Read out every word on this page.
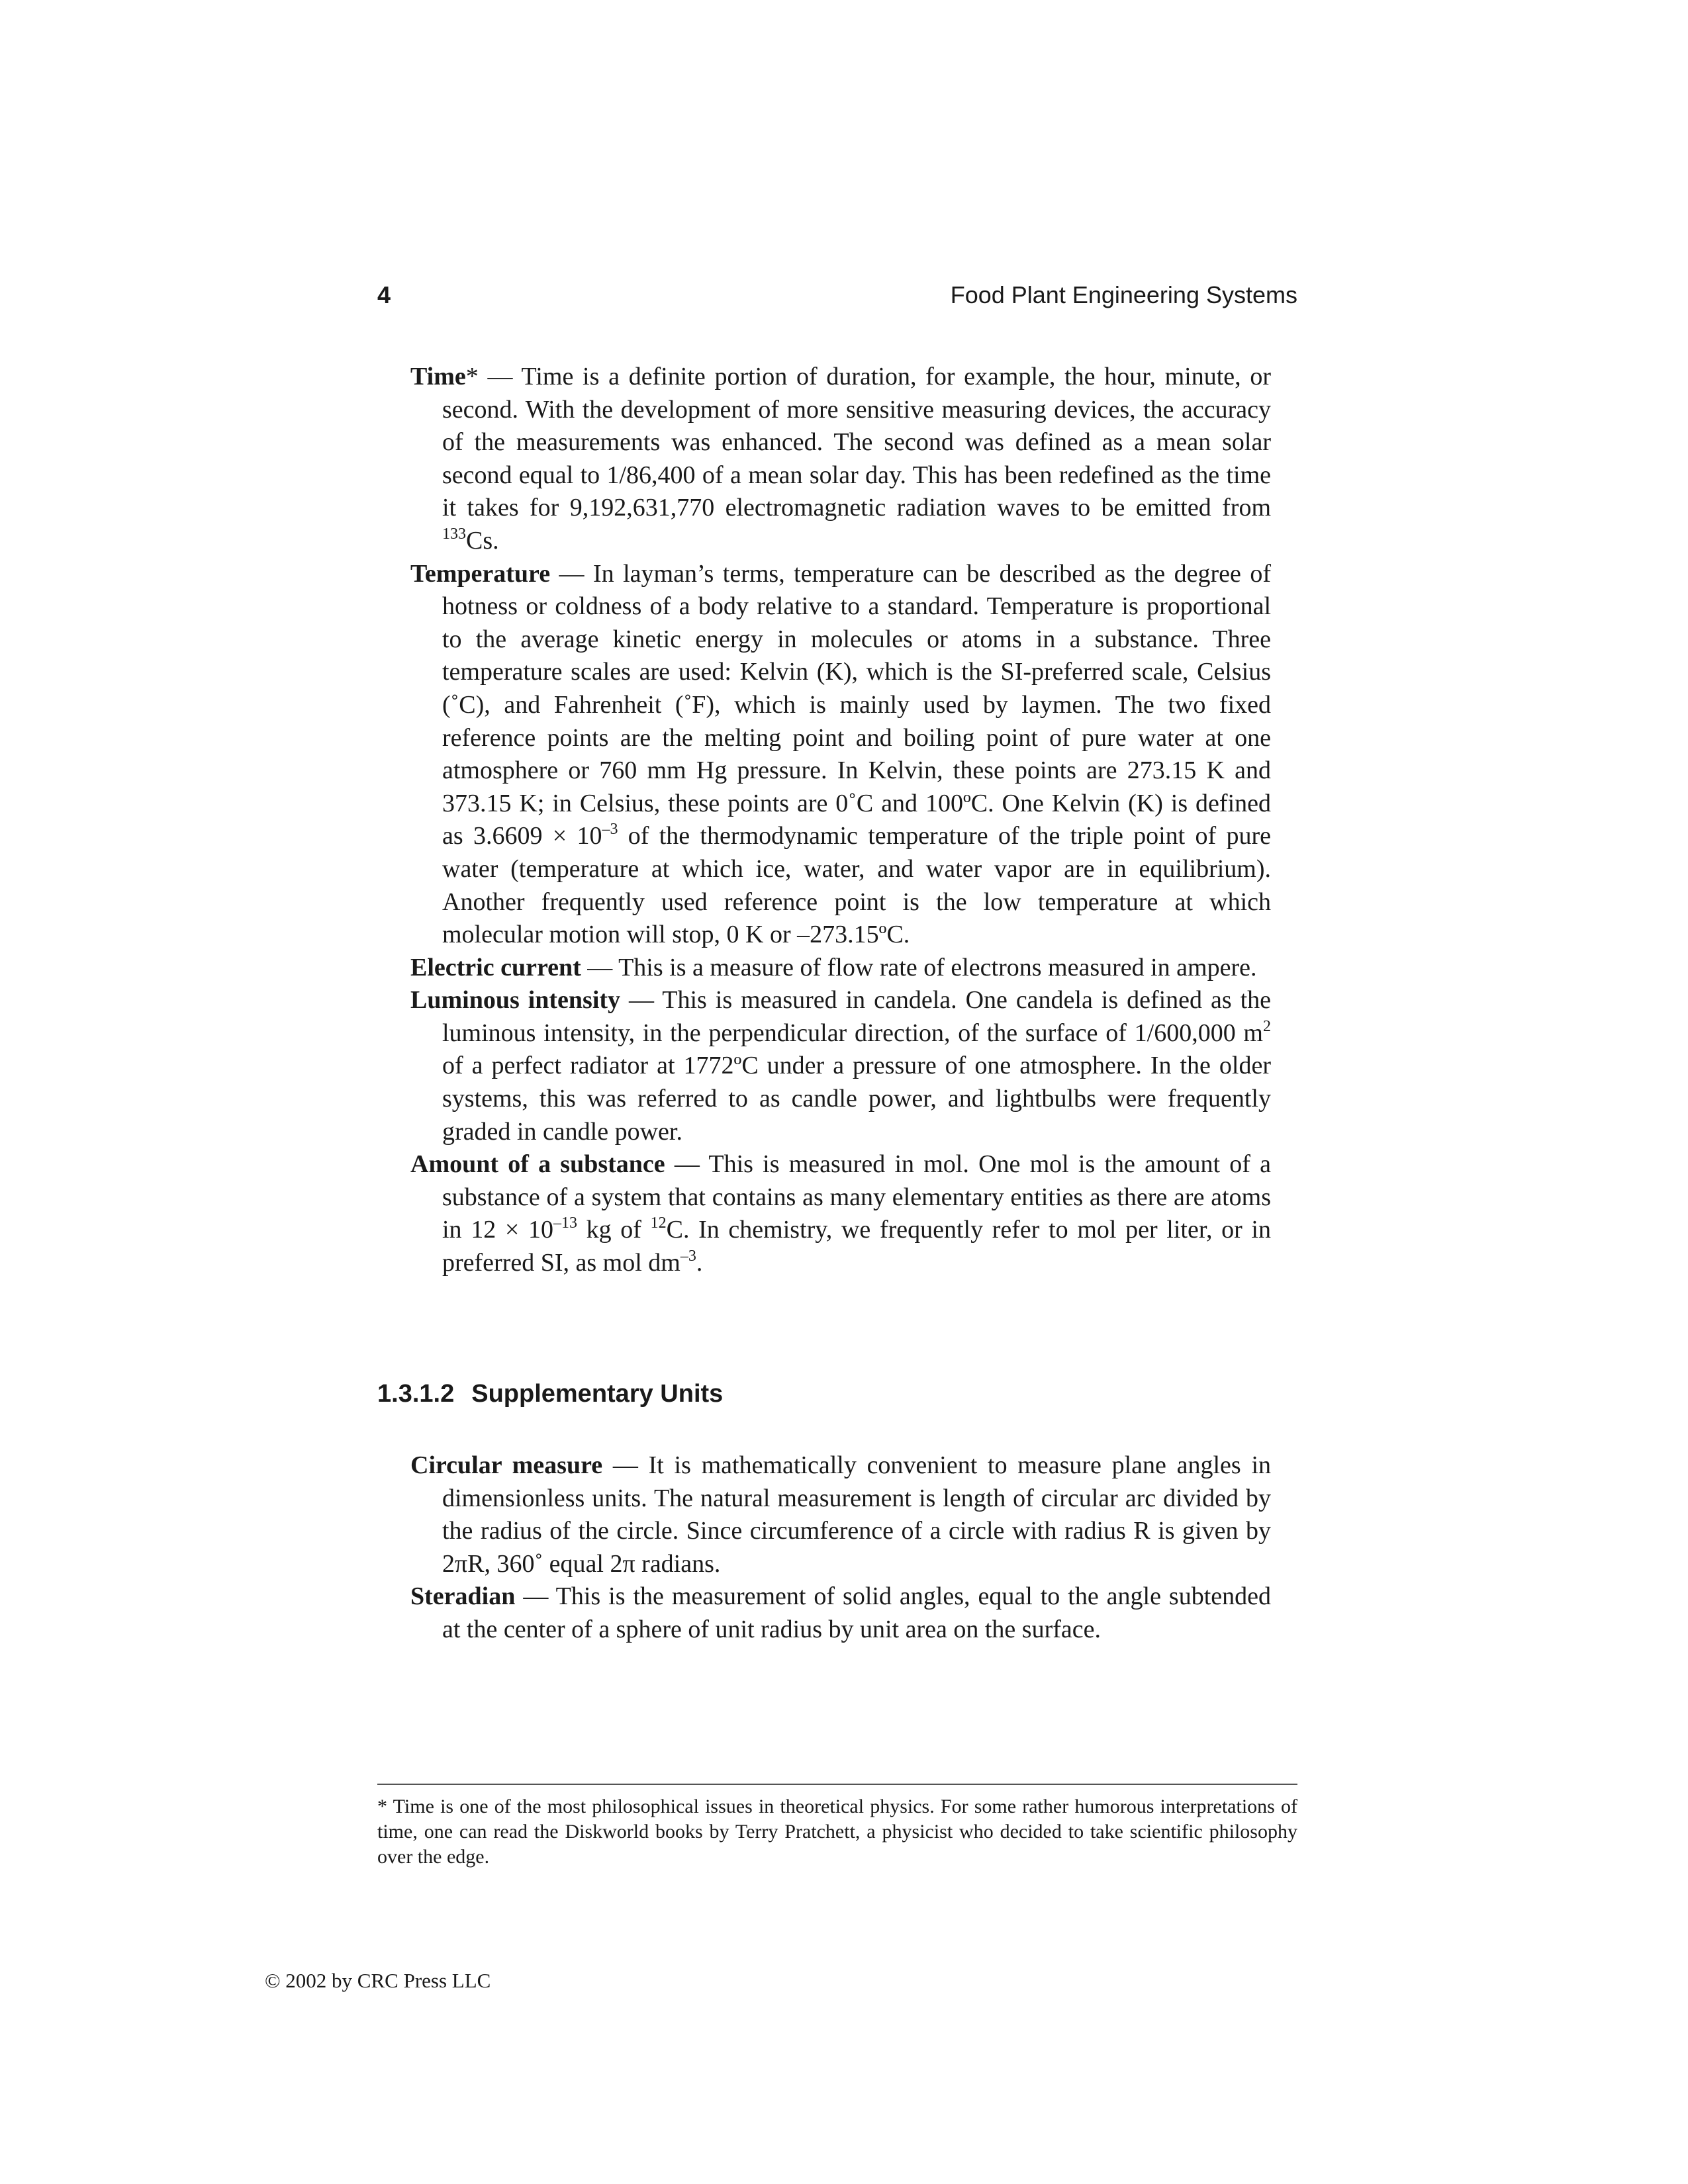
4	Food Plant Engineering Systems

Time* — Time is a definite portion of duration, for example, the hour, minute, or second. With the development of more sensitive measuring devices, the accuracy of the measurements was enhanced. The second was defined as a mean solar second equal to 1/86,400 of a mean solar day. This has been redefined as the time it takes for 9,192,631,770 electromagnetic radiation waves to be emitted from $^{133}$Cs.

Temperature — In layman’s terms, temperature can be described as the degree of hotness or coldness of a body relative to a standard. Temperature is proportional to the average kinetic energy in molecules or atoms in a substance. Three temperature scales are used: Kelvin (K), which is the SI-preferred scale, Celsius (˚C), and Fahrenheit (˚F), which is mainly used by laymen. The two fixed reference points are the melting point and boiling point of pure water at one atmosphere or 760 mm Hg pressure. In Kelvin, these points are 273.15 K and 373.15 K; in Celsius, these points are 0˚C and 100ºC. One Kelvin (K) is defined as $3.6609 \times 10^{-3}$ of the thermodynamic temperature of the triple point of pure water (temperature at which ice, water, and water vapor are in equilibrium). Another frequently used reference point is the low temperature at which molecular motion will stop, 0 K or –273.15ºC.

Electric current — This is a measure of flow rate of electrons measured in ampere.

Luminous intensity — This is measured in candela. One candela is defined as the luminous intensity, in the perpendicular direction, of the surface of 1/600,000 $m^2$ of a perfect radiator at 1772ºC under a pressure of one atmosphere. In the older systems, this was referred to as candle power, and lightbulbs were frequently graded in candle power.

Amount of a substance — This is measured in mol. One mol is the amount of a substance of a system that contains as many elementary entities as there are atoms in $12 \times 10^{-13}$ kg of $^{12}$C. In chemistry, we frequently refer to mol per liter, or in preferred SI, as mol $dm^{-3}$.

1.3.1.2 Supplementary Units

Circular measure — It is mathematically convenient to measure plane angles in dimensionless units. The natural measurement is length of circular arc divided by the radius of the circle. Since circumference of a circle with radius R is given by 2πR, 360˚ equal 2π radians.

Steradian — This is the measurement of solid angles, equal to the angle subtended at the center of a sphere of unit radius by unit area on the surface.

* Time is one of the most philosophical issues in theoretical physics. For some rather humorous interpretations of time, one can read the Diskworld books by Terry Pratchett, a physicist who decided to take scientific philosophy over the edge.

© 2002 by CRC Press LLC
